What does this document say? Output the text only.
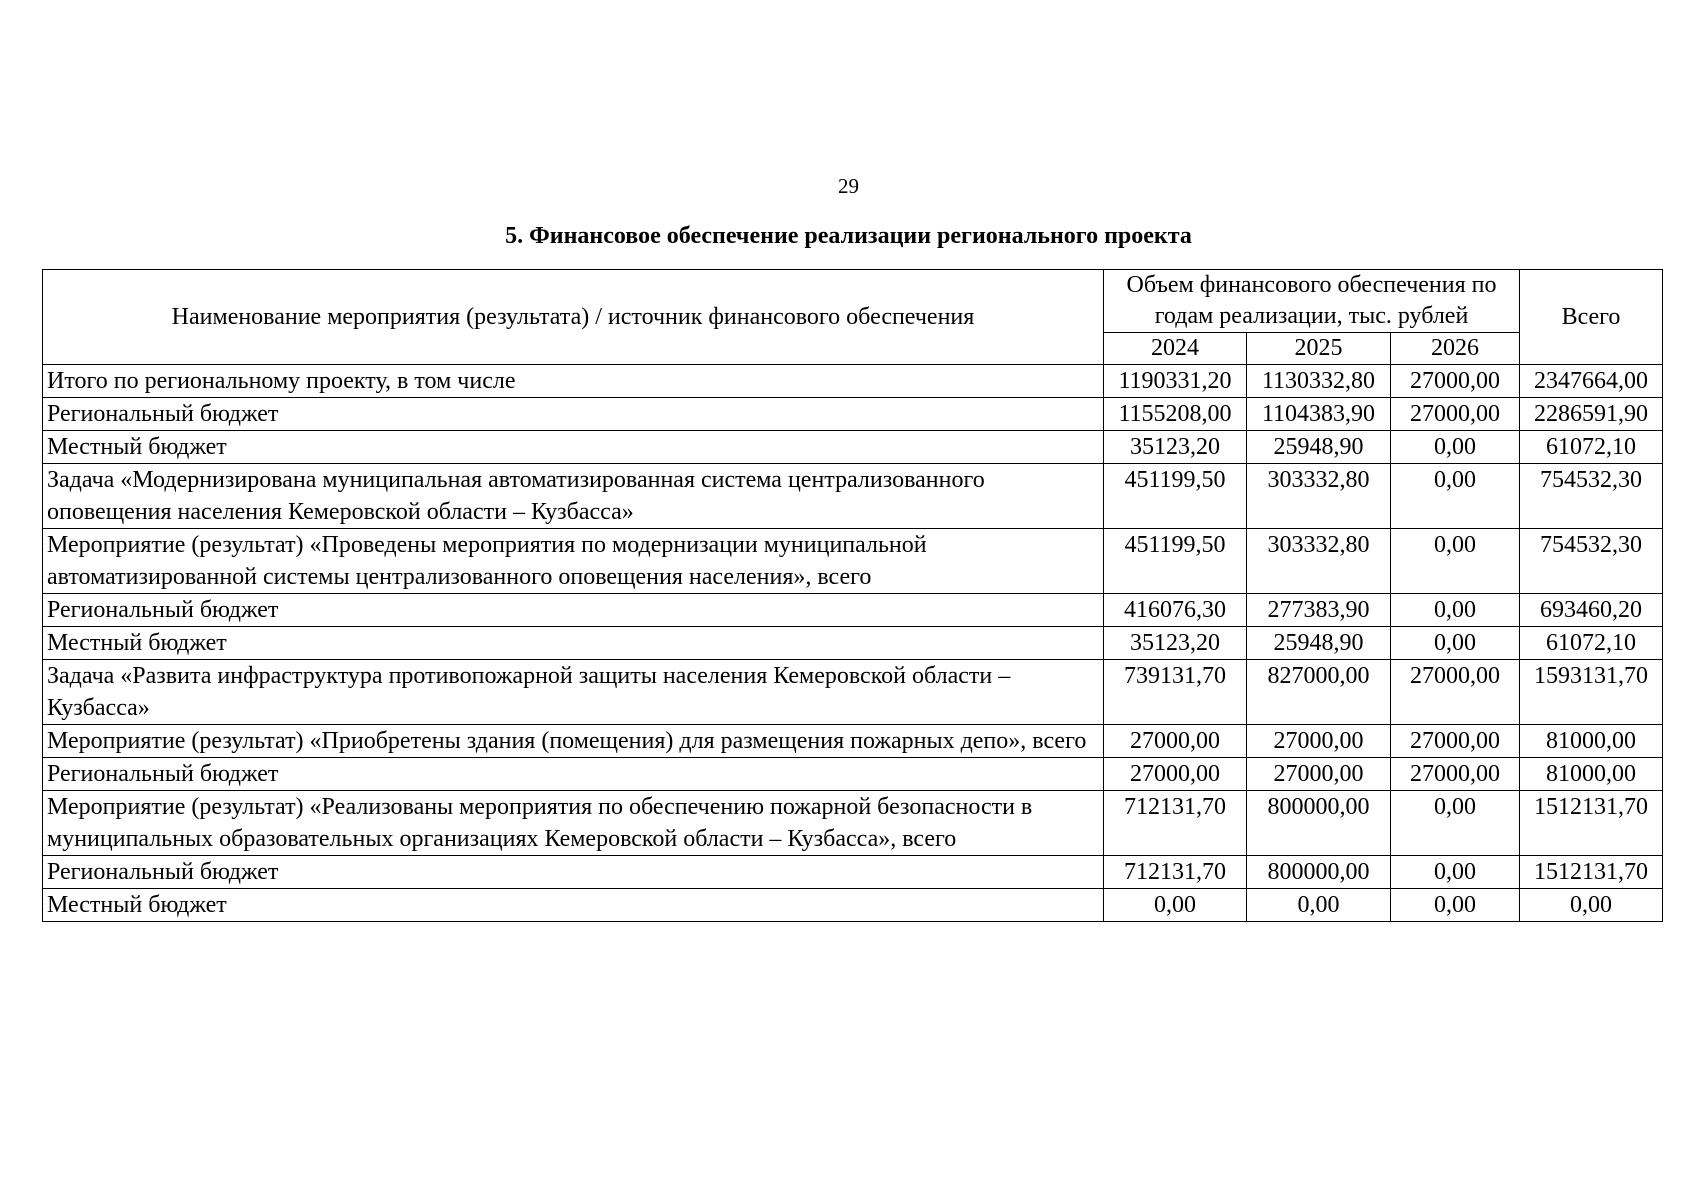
29
5. Финансовое обеспечение реализации регионального проекта
Наименование мероприятия (результата) / источник финансового обеспечения	Объем финансового обеспечения по годам реализации, тыс. рублей			Всего
	2024	2025	2026	
Итого по региональному проекту, в том числе	1190331,20	1130332,80	27000,00	2347664,00
Региональный бюджет	1155208,00	1104383,90	27000,00	2286591,90
Местный бюджет	35123,20	25948,90	0,00	61072,10
Задача «Модернизирована муниципальная автоматизированная система централизованного оповещения населения Кемеровской области – Кузбасса»	451199,50	303332,80	0,00	754532,30
Мероприятие (результат) «Проведены мероприятия по модернизации муниципальной автоматизированной системы централизованного оповещения населения», всего	451199,50	303332,80	0,00	754532,30
Региональный бюджет	416076,30	277383,90	0,00	693460,20
Местный бюджет	35123,20	25948,90	0,00	61072,10
Задача «Развита инфраструктура противопожарной защиты населения Кемеровской области – Кузбасса»	739131,70	827000,00	27000,00	1593131,70
Мероприятие (результат) «Приобретены здания (помещения) для размещения пожарных депо», всего	27000,00	27000,00	27000,00	81000,00
Региональный бюджет	27000,00	27000,00	27000,00	81000,00
Мероприятие (результат) «Реализованы мероприятия по обеспечению пожарной безопасности в муниципальных образовательных организациях Кемеровской области – Кузбасса», всего	712131,70	800000,00	0,00	1512131,70
Региональный бюджет	712131,70	800000,00	0,00	1512131,70
Местный бюджет	0,00	0,00	0,00	0,00
